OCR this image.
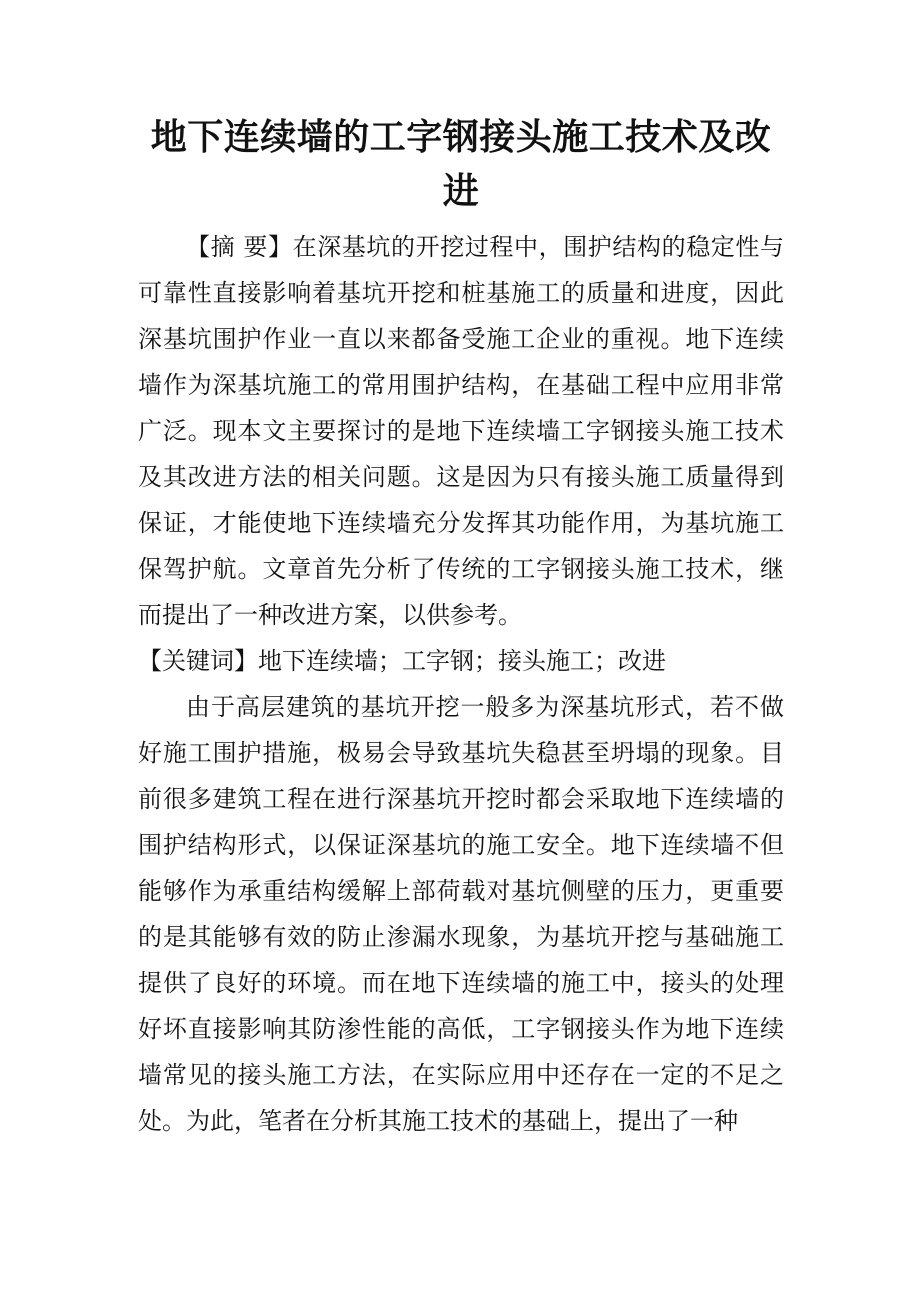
地下连续墙的工字钢接头施工技术及改进

【摘 要】在深基坑的开挖过程中，围护结构的稳定性与可靠性直接影响着基坑开挖和桩基施工的质量和进度，因此深基坑围护作业一直以来都备受施工企业的重视。地下连续墙作为深基坑施工的常用围护结构，在基础工程中应用非常广泛。现本文主要探讨的是地下连续墙工字钢接头施工技术及其改进方法的相关问题。这是因为只有接头施工质量得到保证，才能使地下连续墙充分发挥其功能作用，为基坑施工保驾护航。文章首先分析了传统的工字钢接头施工技术，继而提出了一种改进方案，以供参考。

【关键词】地下连续墙；工字钢；接头施工；改进

由于高层建筑的基坑开挖一般多为深基坑形式，若不做好施工围护措施，极易会导致基坑失稳甚至坍塌的现象。目前很多建筑工程在进行深基坑开挖时都会采取地下连续墙的围护结构形式，以保证深基坑的施工安全。地下连续墙不但能够作为承重结构缓解上部荷载对基坑侧壁的压力，更重要的是其能够有效的防止渗漏水现象，为基坑开挖与基础施工提供了良好的环境。而在地下连续墙的施工中，接头的处理好坏直接影响其防渗性能的高低，工字钢接头作为地下连续墙常见的接头施工方法，在实际应用中还存在一定的不足之处。为此，笔者在分析其施工技术的基础上，提出了一种
